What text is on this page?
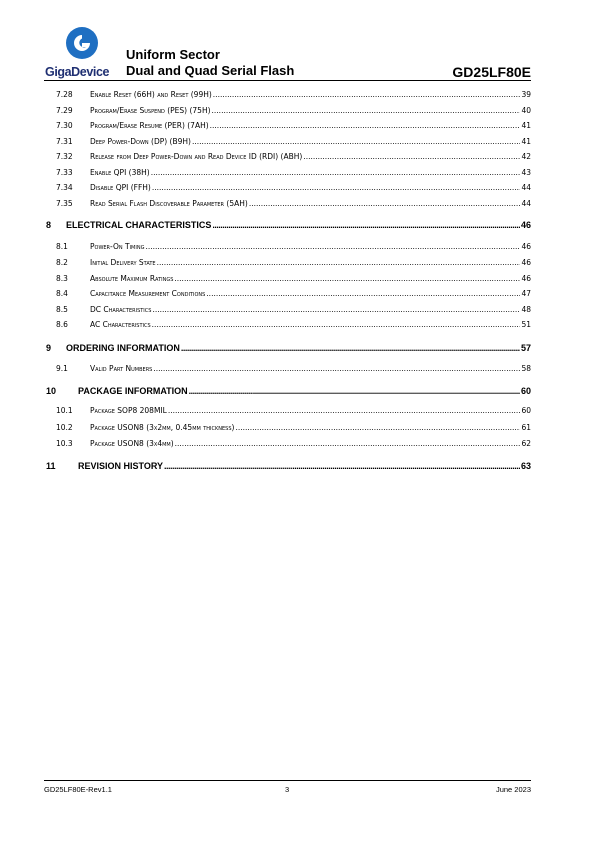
GigaDevice
Uniform Sector
Dual and Quad Serial Flash	GD25LF80E
7.28	Enable Reset (66H) and Reset (99H) .....	39
7.29	Program/Erase Suspend (PES) (75H) .....	40
7.30	Program/Erase Resume (PER) (7AH) .....	41
7.31	Deep Power-Down (DP) (B9H) .....	41
7.32	Release from Deep Power-Down and Read Device ID (RDI) (ABH) .....	42
7.33	Enable QPI (38H) .....	43
7.34	Disable QPI (FFH) .....	44
7.35	Read Serial Flash Discoverable Parameter (5AH) .....	44
8	ELECTRICAL CHARACTERISTICS .....	46
8.1	Power-On Timing .....	46
8.2	Initial Delivery State .....	46
8.3	Absolute Maximum Ratings .....	46
8.4	Capacitance Measurement Conditions .....	47
8.5	DC Characteristics .....	48
8.6	AC Characteristics .....	51
9	ORDERING INFORMATION .....	57
9.1	Valid Part Numbers .....	58
10	PACKAGE INFORMATION .....	60
10.1	Package SOP8 208MIL .....	60
10.2	Package USON8 (3x2mm, 0.45mm thickness) .....	61
10.3	Package USON8 (3x4mm) .....	62
11	REVISION HISTORY .....	63
GD25LF80E-Rev1.1	3	June 2023
